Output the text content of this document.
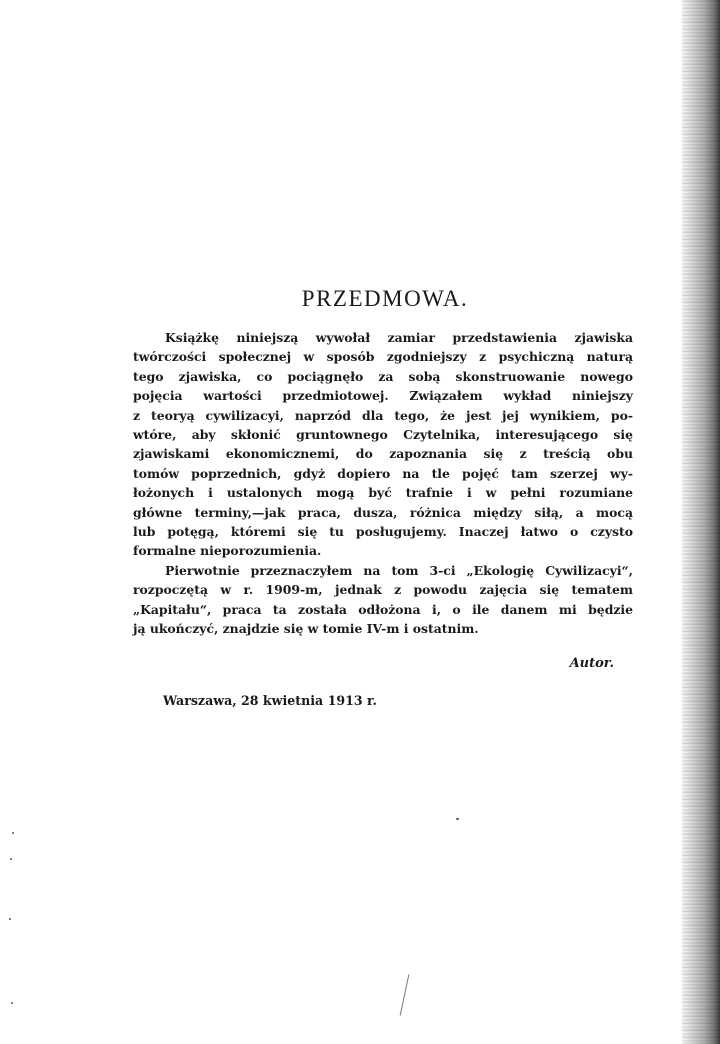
PRZEDMOWA.
Książkę niniejszą wywołał zamiar przedstawienia zjawiska
twórczości społecznej w sposób zgodniejszy z psychiczną naturą
tego zjawiska, co pociągnęło za sobą skonstruowanie nowego
pojęcia wartości przedmiotowej. Związałem wykład niniejszy
z teoryą cywilizacyi, naprzód dla tego, że jest jej wynikiem, po-
wtóre, aby skłonić gruntownego Czytelnika, interesującego się
zjawiskami ekonomicznemi, do zapoznania się z treścią obu
tomów poprzednich, gdyż dopiero na tle pojęć tam szerzej wy-
łożonych i ustalonych mogą być trafnie i w pełni rozumiane
główne terminy,—jak praca, dusza, różnica między siłą, a mocą
lub potęgą, któremi się tu posługujemy. Inaczej łatwo o czysto
formalne nieporozumienia.
Pierwotnie przeznaczyłem na tom 3-ci „Ekologię Cywilizacyi“,
rozpoczętą w r. 1909-m, jednak z powodu zajęcia się tematem
„Kapitału“, praca ta została odłożona i, o ile danem mi będzie
ją ukończyć, znajdzie się w tomie IV-m i ostatnim.
Autor.
Warszawa, 28 kwietnia 1913 r.
